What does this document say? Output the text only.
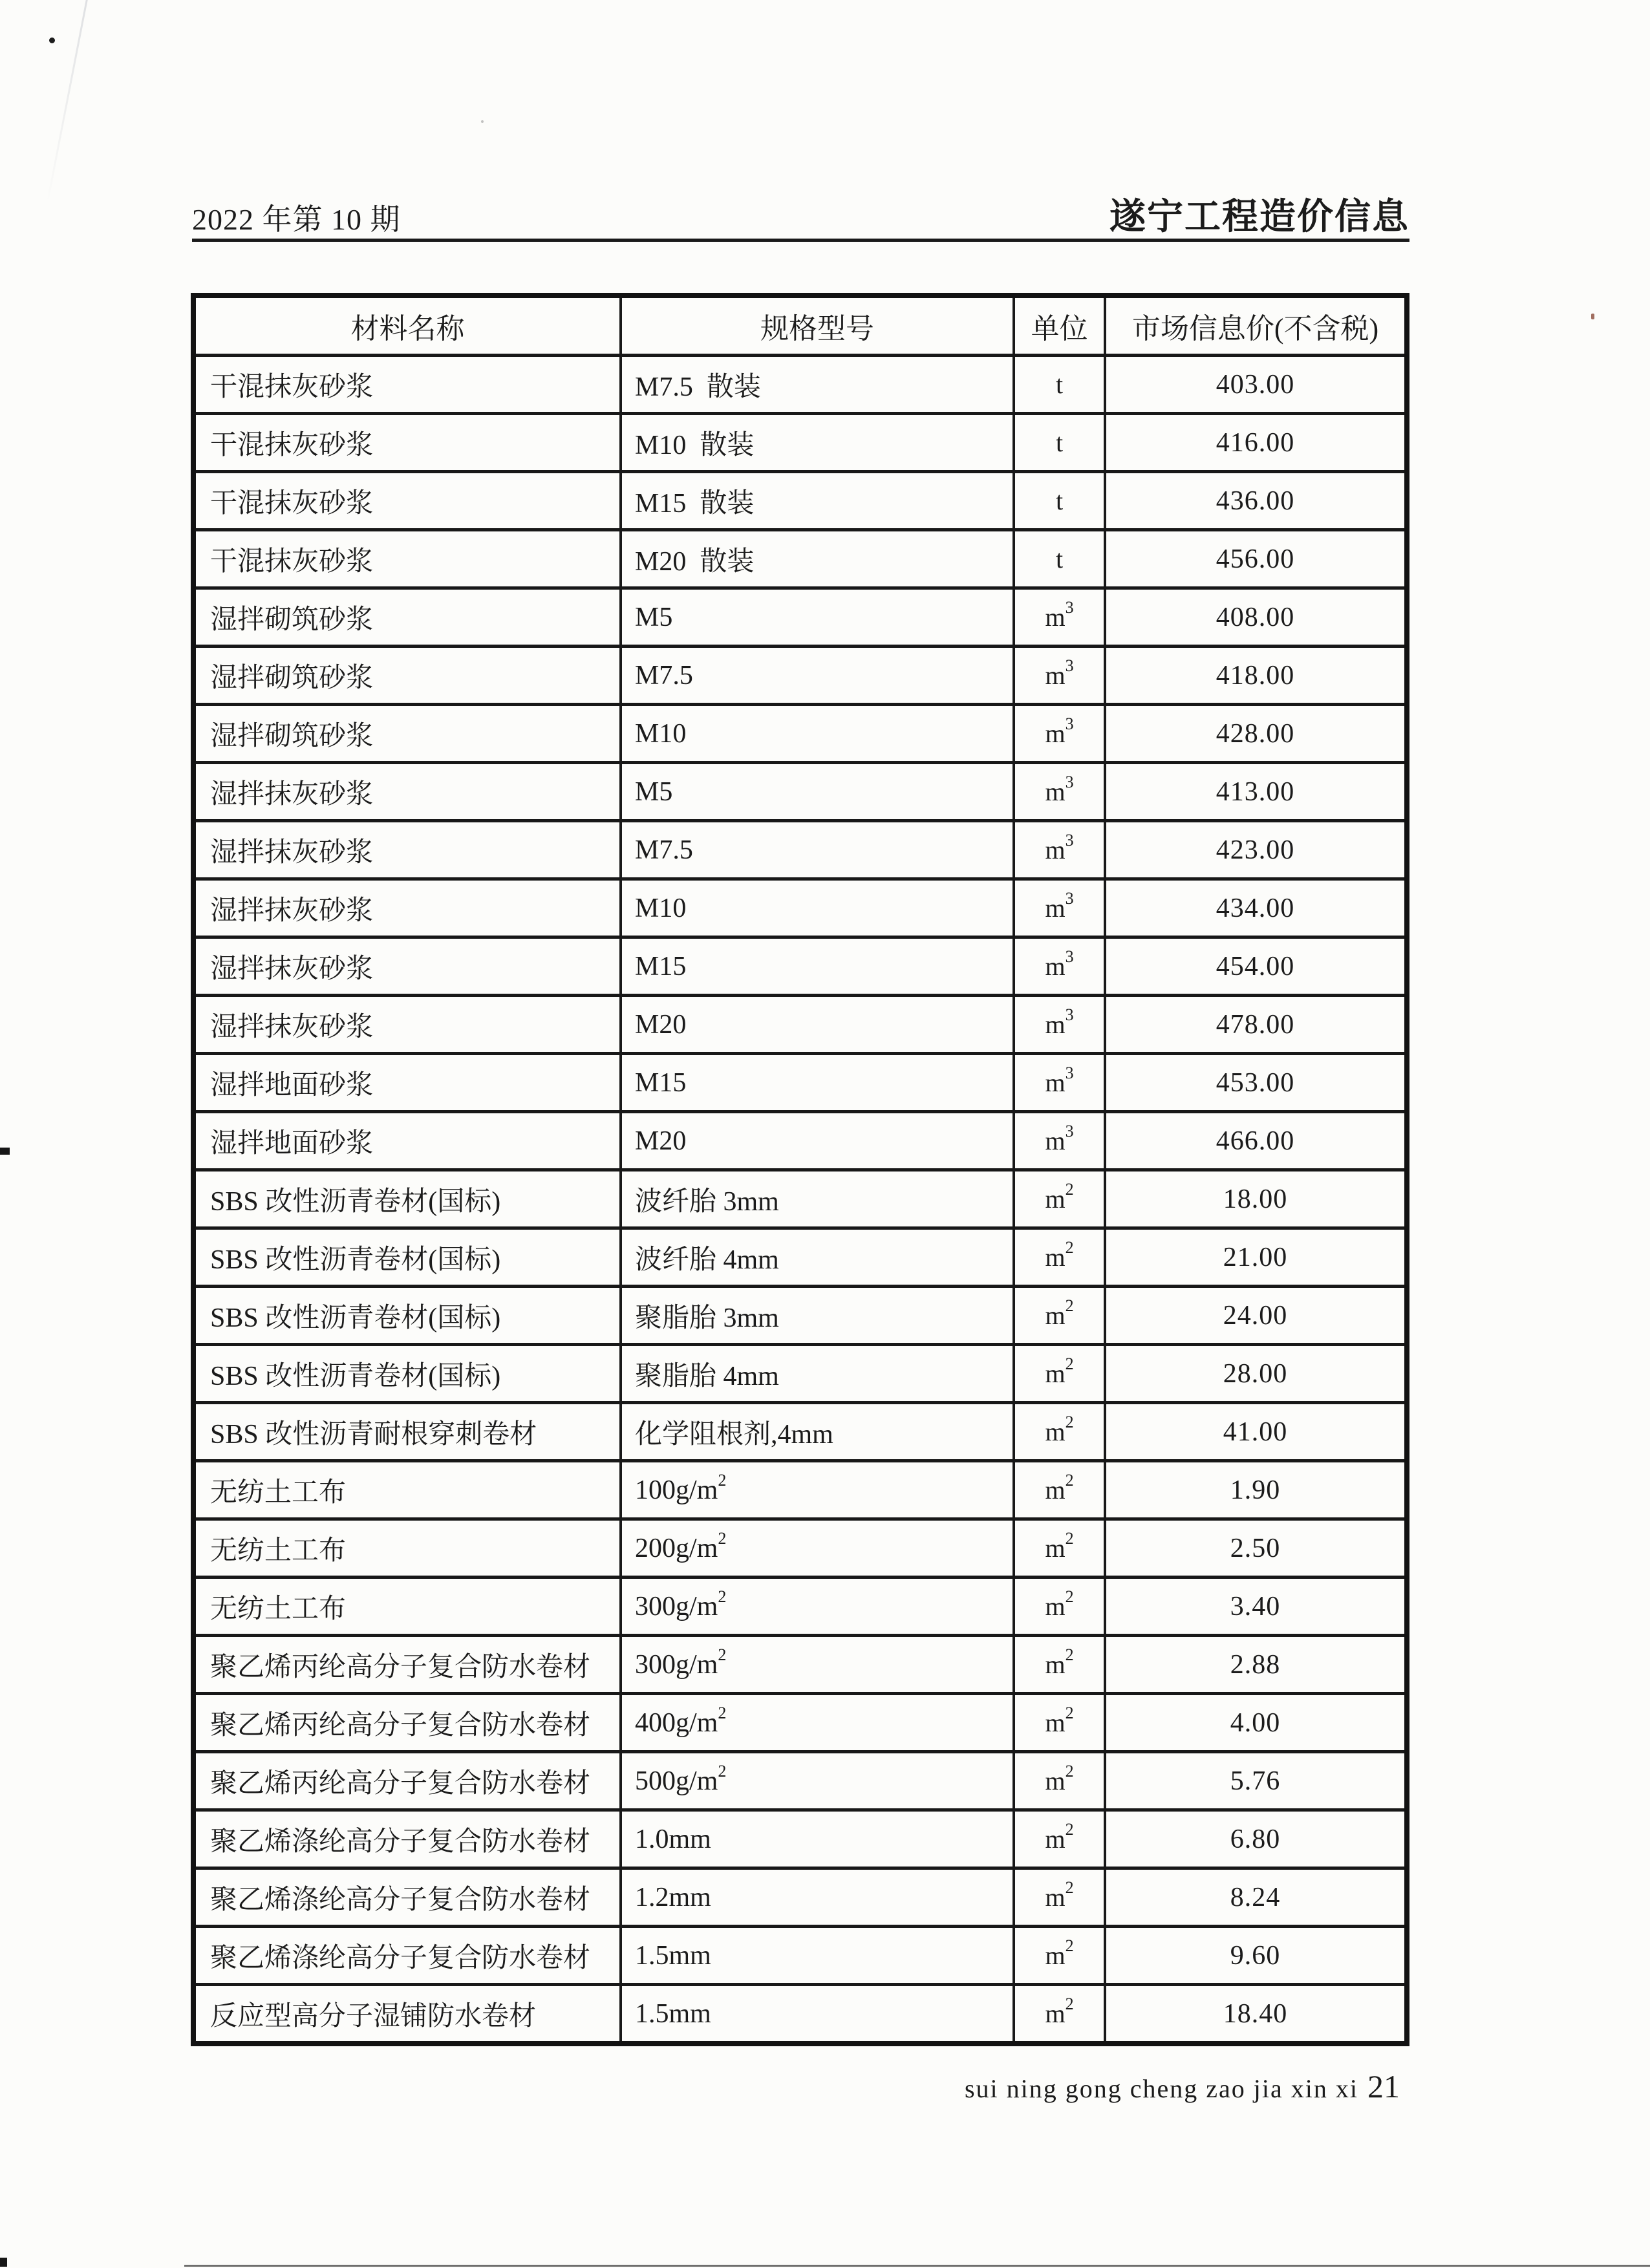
2022 年第 10 期	遂宁工程造价信息
材料名称	规格型号	单位	市场信息价(不含税)
干混抹灰砂浆	M7.5  散装	t	403.00
干混抹灰砂浆	M10  散装	t	416.00
干混抹灰砂浆	M15  散装	t	436.00
干混抹灰砂浆	M20  散装	t	456.00
湿拌砌筑砂浆	M5	$m^3$	408.00
湿拌砌筑砂浆	M7.5	$m^3$	418.00
湿拌砌筑砂浆	M10	$m^3$	428.00
湿拌抹灰砂浆	M5	$m^3$	413.00
湿拌抹灰砂浆	M7.5	$m^3$	423.00
湿拌抹灰砂浆	M10	$m^3$	434.00
湿拌抹灰砂浆	M15	$m^3$	454.00
湿拌抹灰砂浆	M20	$m^3$	478.00
湿拌地面砂浆	M15	$m^3$	453.00
湿拌地面砂浆	M20	$m^3$	466.00
SBS 改性沥青卷材(国标)	波纤胎 3mm	$m^2$	18.00
SBS 改性沥青卷材(国标)	波纤胎 4mm	$m^2$	21.00
SBS 改性沥青卷材(国标)	聚脂胎 3mm	$m^2$	24.00
SBS 改性沥青卷材(国标)	聚脂胎 4mm	$m^2$	28.00
SBS 改性沥青耐根穿刺卷材	化学阻根剂,4mm	$m^2$	41.00
无纺土工布	$100g/m^2$	$m^2$	1.90
无纺土工布	$200g/m^2$	$m^2$	2.50
无纺土工布	$300g/m^2$	$m^2$	3.40
聚乙烯丙纶高分子复合防水卷材	$300g/m^2$	$m^2$	2.88
聚乙烯丙纶高分子复合防水卷材	$400g/m^2$	$m^2$	4.00
聚乙烯丙纶高分子复合防水卷材	$500g/m^2$	$m^2$	5.76
聚乙烯涤纶高分子复合防水卷材	1.0mm	$m^2$	6.80
聚乙烯涤纶高分子复合防水卷材	1.2mm	$m^2$	8.24
聚乙烯涤纶高分子复合防水卷材	1.5mm	$m^2$	9.60
反应型高分子湿铺防水卷材	1.5mm	$m^2$	18.40
sui ning gong cheng zao jia xin xi 21
